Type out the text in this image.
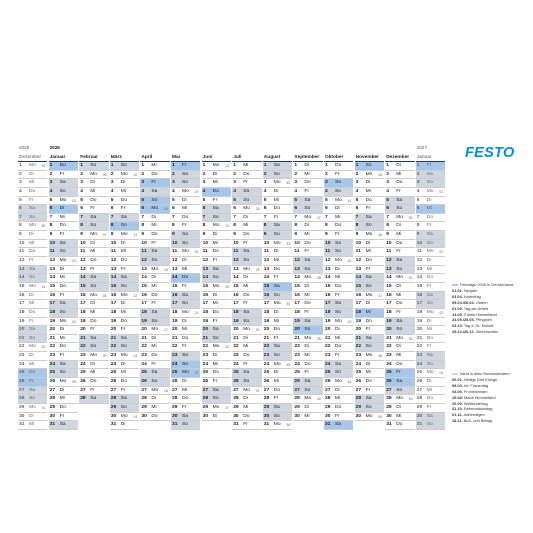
2025
Dezember
1 Mo 49
2 Di
3 Mi
4 Do
5 Fr
6 Sa
7 So
8 Mo 50
9 Di
10 Mi
11 Do
12 Fr
13 Sa
14 So
15 Mo 51
16 Di
17 Mi
18 Do
19 Fr
20 Sa
21 So
22 Mo 52
23 Di
24 Mi
25 Do
26 Fr
27 Sa
28 So
29 Mo 01
30 Di
31 Mi
2026
Januar
1 Do
2 Fr
3 Sa
4 So
5 Mo 02
6 Di
7 Mi
8 Do
9 Fr
10 Sa
11 So
12 Mo 03
13 Di
14 Mi
15 Do
16 Fr
17 Sa
18 So
19 Mo 04
20 Di
21 Mi
22 Do
23 Fr
24 Sa
25 So
26 Mo 05
27 Di
28 Mi
29 Do
30 Fr
31 Sa
Februar
1 So
2 Mo 06
3 Di
4 Mi
5 Do
6 Fr
7 Sa
8 So
9 Mo 07
10 Di
11 Mi
12 Do
13 Fr
14 Sa
15 So
16 Mo 08
17 Di
18 Mi
19 Do
20 Fr
21 Sa
22 So
23 Mo 09
24 Di
25 Mi
26 Do
27 Fr
28 Sa
März
1 So
2 Mo 10
3 Di
4 Mi
5 Do
6 Fr
7 Sa
8 So
9 Mo 11
10 Di
11 Mi
12 Do
13 Fr
14 Sa
15 So
16 Mo 12
17 Di
18 Mi
19 Do
20 Fr
21 Sa
22 So
23 Mo 13
24 Di
25 Mi
26 Do
27 Fr
28 Sa
29 So
30 Mo 14
31 Di
April
1 Mi
2 Do
3 Fr
4 Sa
5 So
6 Mo 15
7 Di
8 Mi
9 Do
10 Fr
11 Sa
12 So
13 Mo 16
14 Di
15 Mi
16 Do
17 Fr
18 Sa
19 So
20 Mo 17
21 Di
22 Mi
23 Do
24 Fr
25 Sa
26 So
27 Mo 18
28 Di
29 Mi
30 Do
Mai
1 Fr
2 Sa
3 So
4 Mo 19
5 Di
6 Mi
7 Do
8 Fr
9 Sa
10 So
11 Mo 20
12 Di
13 Mi
14 Do
15 Fr
16 Sa
17 So
18 Mo 21
19 Di
20 Mi
21 Do
22 Fr
23 Sa
24 So
25 Mo 22
26 Di
27 Mi
28 Do
29 Fr
30 Sa
31 So
Juni
1 Mo 23
2 Di
3 Mi
4 Do
5 Fr
6 Sa
7 So
8 Mo 24
9 Di
10 Mi
11 Do
12 Fr
13 Sa
14 So
15 Mo 25
16 Di
17 Mi
18 Do
19 Fr
20 Sa
21 So
22 Mo 26
23 Di
24 Mi
25 Do
26 Fr
27 Sa
28 So
29 Mo 27
30 Di
Juli
1 Mi
2 Do
3 Fr
4 Sa
5 So
6 Mo 28
7 Di
8 Mi
9 Do
10 Fr
11 Sa
12 So
13 Mo 29
14 Di
15 Mi
16 Do
17 Fr
18 Sa
19 So
20 Mo 30
21 Di
22 Mi
23 Do
24 Fr
25 Sa
26 So
27 Mo 31
28 Di
29 Mi
30 Do
31 Fr
August
1 Sa
2 So
3 Mo 32
4 Di
5 Mi
6 Do
7 Fr
8 Sa
9 So
10 Mo 33
11 Di
12 Mi
13 Do
14 Fr
15 Sa
16 So
17 Mo 34
18 Di
19 Mi
20 Do
21 Fr
22 Sa
23 So
24 Mo 35
25 Di
26 Mi
27 Do
28 Fr
29 Sa
30 So
31 Mo 36
September
1 Di
2 Mi
3 Do
4 Fr
5 Sa
6 So
7 Mo 37
8 Di
9 Mi
10 Do
11 Fr
12 Sa
13 So
14 Mo 38
15 Di
16 Mi
17 Do
18 Fr
19 Sa
20 So
21 Mo 39
22 Di
23 Mi
24 Do
25 Fr
26 Sa
27 So
28 Mo 40
29 Di
30 Mi
Oktober
1 Do
2 Fr
3 Sa
4 So
5 Mo 41
6 Di
7 Mi
8 Do
9 Fr
10 Sa
11 So
12 Mo 42
13 Di
14 Mi
15 Do
16 Fr
17 Sa
18 So
19 Mo 43
20 Di
21 Mi
22 Do
23 Fr
24 Sa
25 So
26 Mo 44
27 Di
28 Mi
29 Do
30 Fr
31 Sa
November
1 So
2 Mo 45
3 Di
4 Mi
5 Do
6 Fr
7 Sa
8 So
9 Mo 46
10 Di
11 Mi
12 Do
13 Fr
14 Sa
15 So
16 Mo 47
17 Di
18 Mi
19 Do
20 Fr
21 Sa
22 So
23 Mo 48
24 Di
25 Mi
26 Do
27 Fr
28 Sa
29 So
30 Mo 49
Dezember
1 Di
2 Mi
3 Do
4 Fr
5 Sa
6 So
7 Mo 50
8 Di
9 Mi
10 Do
11 Fr
12 Sa
13 So
14 Mo 51
15 Di
16 Mi
17 Do
18 Fr
19 Sa
20 So
21 Mo 52
22 Di
23 Mi
24 Do
25 Fr
26 Sa
27 So
28 Mo 53
29 Di
30 Mi
31 Do
2027
Januar
1 Fr
2 Sa
3 So
4 Mo 01
5 Di
6 Mi
7 Do
8 Fr
9 Sa
10 So
11 Mo 02
12 Di
13 Mi
14 Do
15 Fr
16 Sa
17 So
18 Mo 03
19 Di
20 Mi
21 Do
22 Fr
23 Sa
24 So
25 Mo 04
26 Di
27 Mi
28 Do
29 Fr
30 Sa
31 So
FESTO
Feiertage 2026 in Deutschland:
01.01. Neujahr
03.04. Karfreitag
05.04./06.04. Ostern
01.05. Tag der Arbeit
14.05. Christi Himmelfahrt
24.05./25.05. Pfingsten
03.10. Tag d. Dt. Einheit
25.12./26.12. Weihnachten
Nicht in allen Bundesländern:
06.01. Heilige Drei Könige
08.03. Int. Frauentag
04.06. Fronleichnam
15.08. Mariä Himmelfahrt
20.09. Weltkindertag
31.10. Reformationstag
01.11. Allerheiligen
18.11. Buß- und Bettag
